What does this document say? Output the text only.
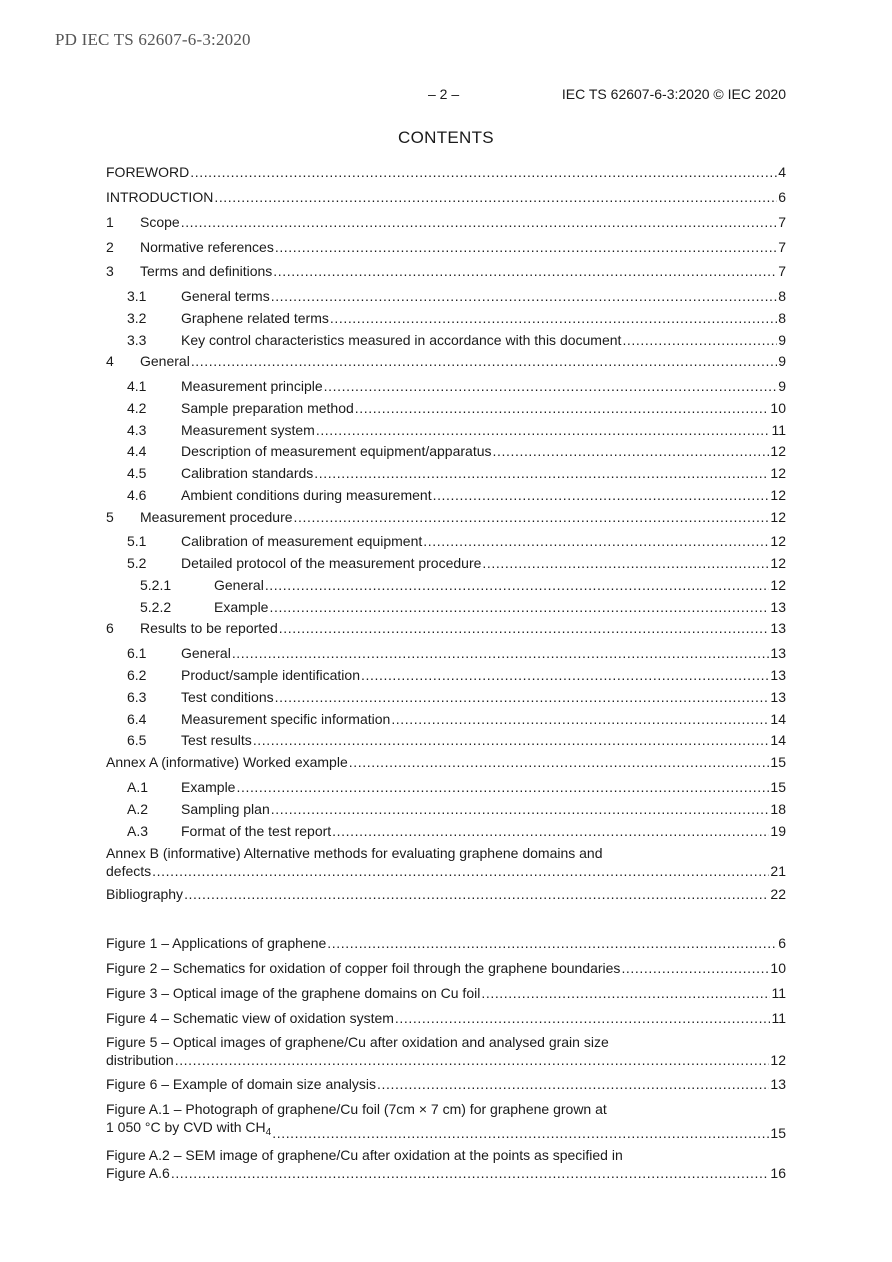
PD IEC TS 62607-6-3:2020
– 2 –	IEC TS 62607-6-3:2020 © IEC 2020
CONTENTS
FOREWORD .....	4
INTRODUCTION .....	6
1	Scope .....	7
2	Normative references .....	7
3	Terms and definitions .....	7
3.1	General terms .....	8
3.2	Graphene related terms .....	8
3.3	Key control characteristics measured in accordance with this document .....	9
4	General .....	9
4.1	Measurement principle .....	9
4.2	Sample preparation method .....	10
4.3	Measurement system .....	11
4.4	Description of measurement equipment/apparatus .....	12
4.5	Calibration standards .....	12
4.6	Ambient conditions during measurement .....	12
5	Measurement procedure .....	12
5.1	Calibration of measurement equipment .....	12
5.2	Detailed protocol of the measurement procedure .....	12
5.2.1	General .....	12
5.2.2	Example .....	13
6	Results to be reported .....	13
6.1	General .....	13
6.2	Product/sample identification .....	13
6.3	Test conditions .....	13
6.4	Measurement specific information .....	14
6.5	Test results .....	14
Annex A (informative) Worked example .....	15
A.1	Example .....	15
A.2	Sampling plan .....	18
A.3	Format of the test report .....	19
Annex B (informative) Alternative methods for evaluating graphene domains and
defects .....	21
Bibliography .....	22
Figure 1 – Applications of graphene .....	6
Figure 2 – Schematics for oxidation of copper foil through the graphene boundaries .....	10
Figure 3 – Optical image of the graphene domains on Cu foil .....	11
Figure 4 – Schematic view of oxidation system .....	11
Figure 5 – Optical images of graphene/Cu after oxidation and analysed grain size
distribution .....	12
Figure 6 – Example of domain size analysis .....	13
Figure A.1 – Photograph of graphene/Cu foil (7cm × 7 cm) for graphene grown at
1 050 °C by CVD with $CH_4$ .....	15
Figure A.2 – SEM image of graphene/Cu after oxidation at the points as specified in
Figure A.6 .....	16
